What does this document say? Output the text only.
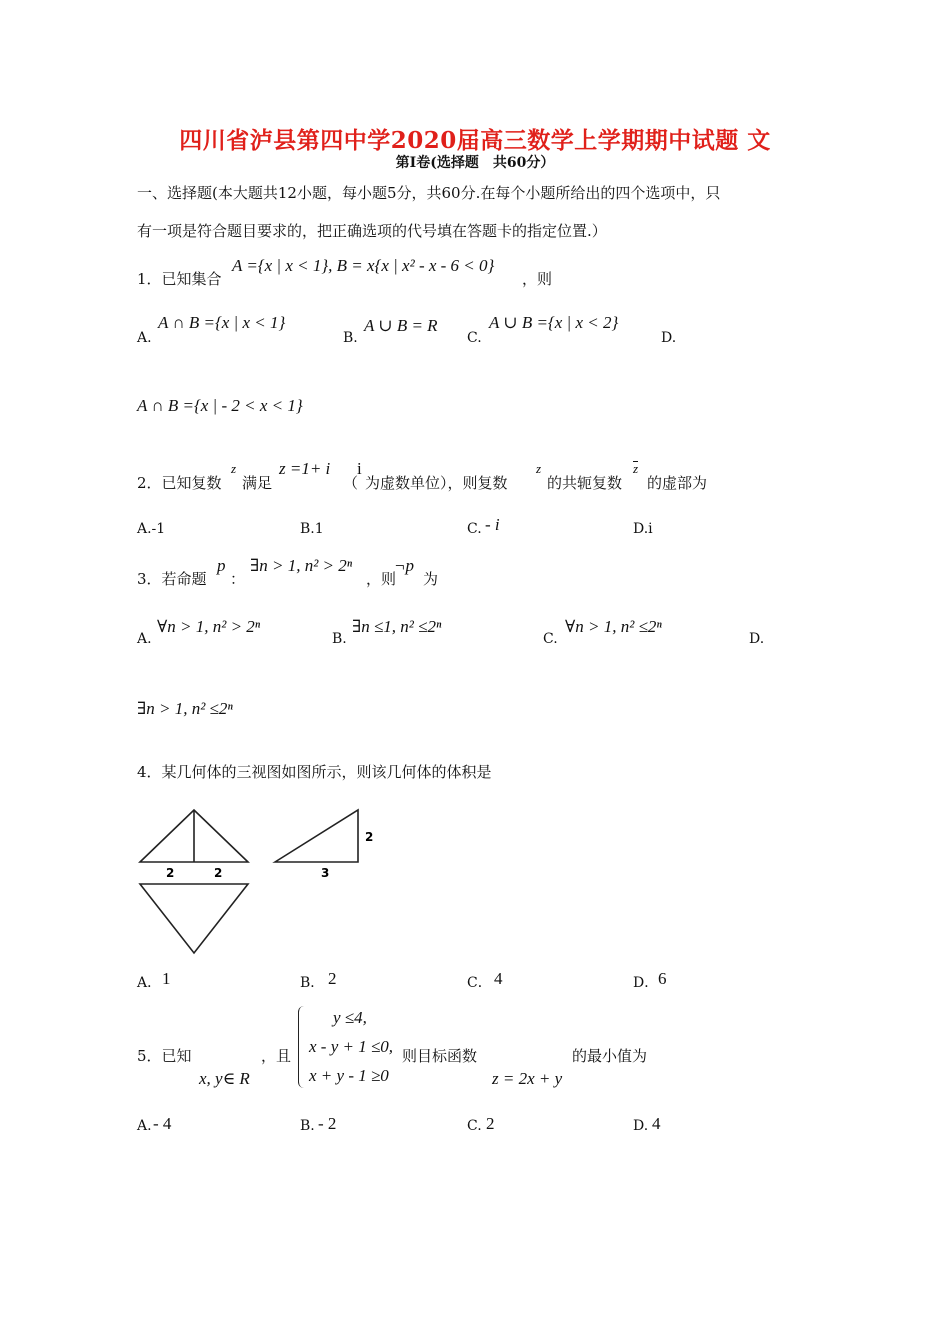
四川省泸县第四中学2020届高三数学上学期期中试题 文
第Ⅰ卷(选择题　共60分）
一、选择题(本大题共12小题，每小题5分，共60分.在每个小题所给出的四个选项中，只
有一项是符合题目要求的，把正确选项的代号填在答题卡的指定位置.）
1．已知集合
A ={x | x < 1}, B = x{x | x² - x - 6 < 0}
，则
A.
A ∩ B ={x | x < 1}
B.
A ∪ B = R
C.
A ∪ B ={x | x < 2}
D.
A ∩ B ={x | - 2 < x < 1}
2．已知复数
z
满足
z =1+ i
（
i
为虚数单位），则复数
z
的共轭复数
z
的虚部为
A.-1	B.1	C. - i	D.i
3．若命题
p
：
∃n > 1, n² > 2ⁿ
，则
¬p
为
A.
∀n > 1, n² > 2ⁿ
B.
∃n ≤1, n² ≤2ⁿ
C.
∀n > 1, n² ≤2ⁿ
D.
∃n > 1, n² ≤2ⁿ
4．某几何体的三视图如图所示，则该几何体的体积是
2	2
2
3
A． 1	B． 2	C． 4	D． 6
5．已知
x, y∈ R
，且
y ≤4,
x - y + 1 ≤0,
x + y - 1 ≥0
则目标函数
z = 2x + y
的最小值为
A. - 4	B. - 2	C. 2	D. 4
